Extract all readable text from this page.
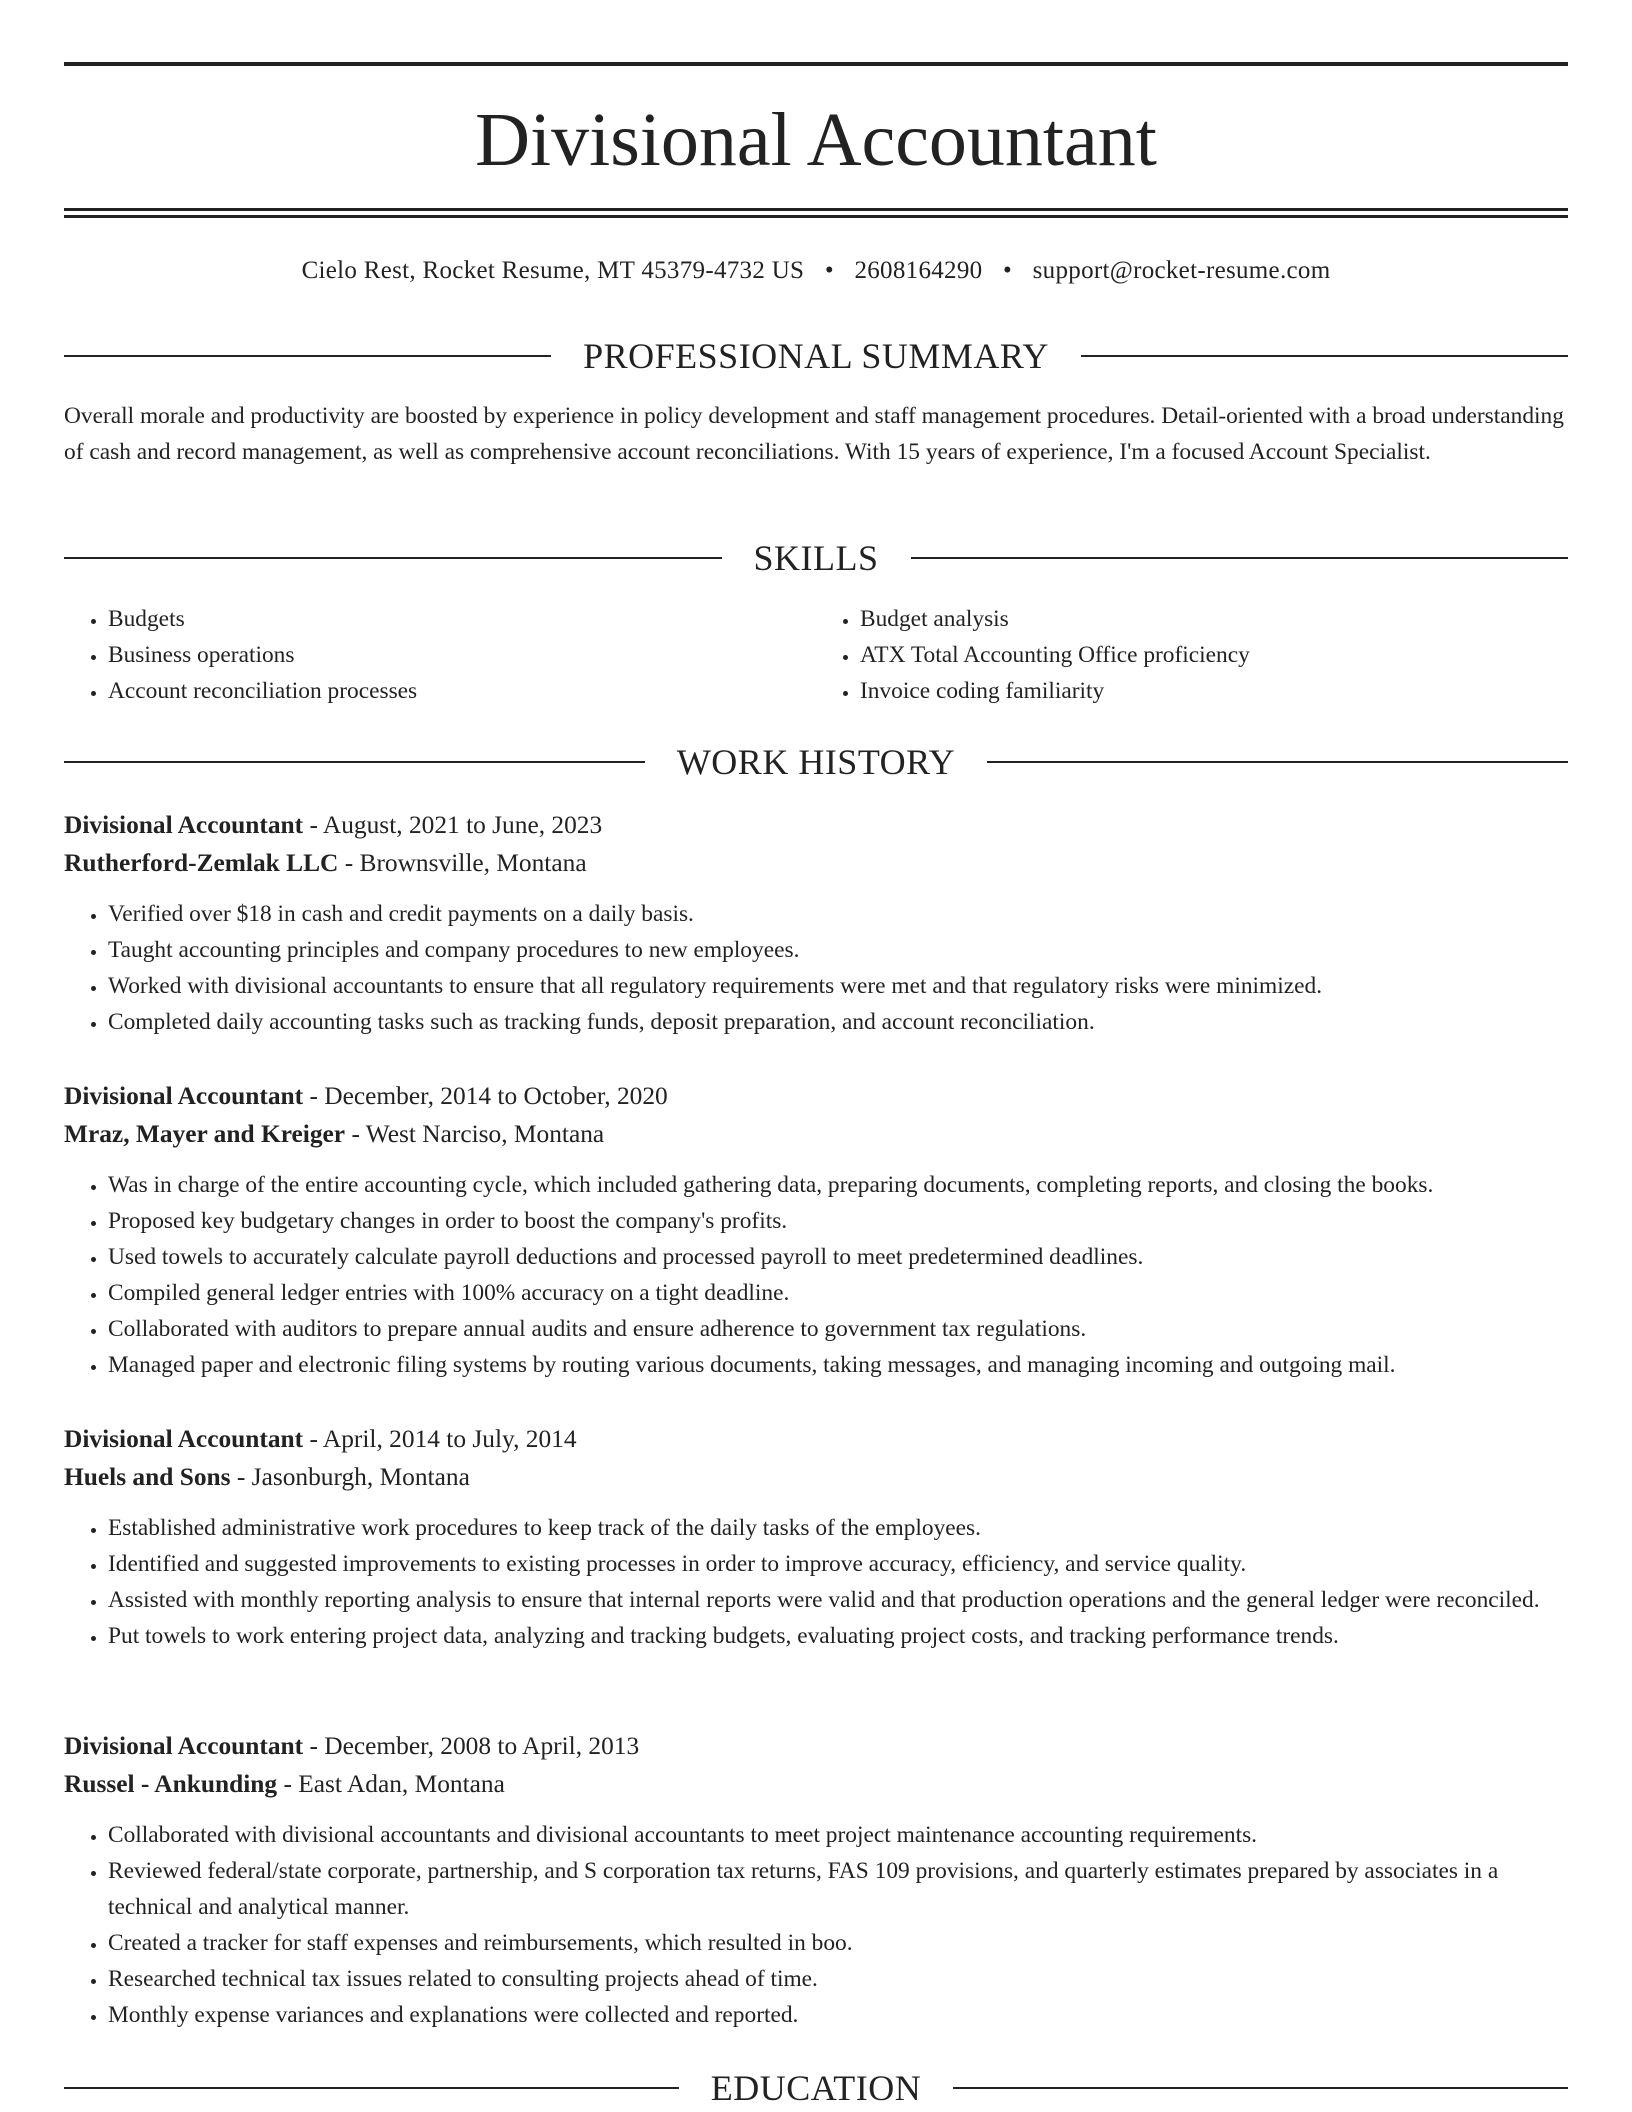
Divisional Accountant
Cielo Rest, Rocket Resume, MT 45379-4732 US • 2608164290 • support@rocket-resume.com
PROFESSIONAL SUMMARY

Overall morale and productivity are boosted by experience in policy development and staff management procedures. Detail-oriented with a broad understanding of cash and record management, as well as comprehensive account reconciliations. With 15 years of experience, I'm a focused Account Specialist.

SKILLS
• Budgets
• Business operations
• Account reconciliation processes
• Budget analysis
• ATX Total Accounting Office proficiency
• Invoice coding familiarity
WORK HISTORY
Divisional Accountant - August, 2021 to June, 2023
Rutherford-Zemlak LLC - Brownsville, Montana
• Verified over $18 in cash and credit payments on a daily basis.
• Taught accounting principles and company procedures to new employees.
• Worked with divisional accountants to ensure that all regulatory requirements were met and that regulatory risks were minimized.
• Completed daily accounting tasks such as tracking funds, deposit preparation, and account reconciliation.
Divisional Accountant - December, 2014 to October, 2020
Mraz, Mayer and Kreiger - West Narciso, Montana
• Was in charge of the entire accounting cycle, which included gathering data, preparing documents, completing reports, and closing the books.
• Proposed key budgetary changes in order to boost the company's profits.
• Used towels to accurately calculate payroll deductions and processed payroll to meet predetermined deadlines.
• Compiled general ledger entries with 100% accuracy on a tight deadline.
• Collaborated with auditors to prepare annual audits and ensure adherence to government tax regulations.
• Managed paper and electronic filing systems by routing various documents, taking messages, and managing incoming and outgoing mail.
Divisional Accountant - April, 2014 to July, 2014
Huels and Sons - Jasonburgh, Montana
• Established administrative work procedures to keep track of the daily tasks of the employees.
• Identified and suggested improvements to existing processes in order to improve accuracy, efficiency, and service quality.
• Assisted with monthly reporting analysis to ensure that internal reports were valid and that production operations and the general ledger were reconciled.
• Put towels to work entering project data, analyzing and tracking budgets, evaluating project costs, and tracking performance trends.
Divisional Accountant - December, 2008 to April, 2013
Russel - Ankunding - East Adan, Montana
• Collaborated with divisional accountants and divisional accountants to meet project maintenance accounting requirements.
• Reviewed federal/state corporate, partnership, and S corporation tax returns, FAS 109 provisions, and quarterly estimates prepared by associates in a technical and analytical manner.
• Created a tracker for staff expenses and reimbursements, which resulted in boo.
• Researched technical tax issues related to consulting projects ahead of time.
• Monthly expense variances and explanations were collected and reported.
EDUCATION
